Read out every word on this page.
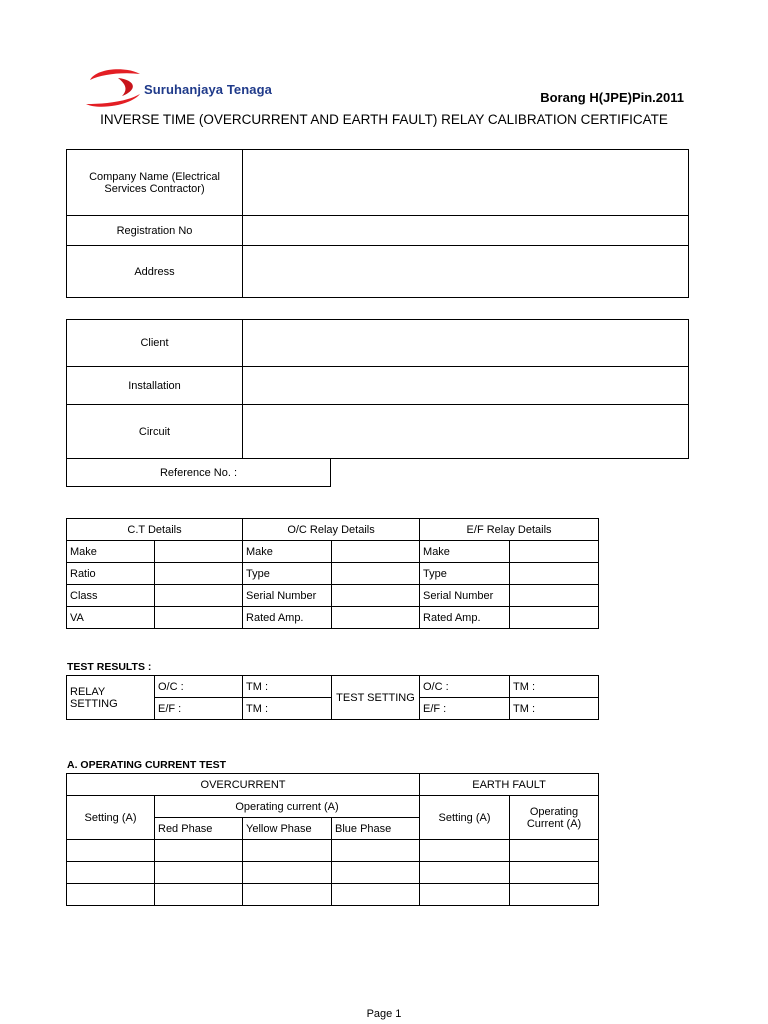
Suruhanjaya Tenaga
Borang H(JPE)Pin.2011
INVERSE TIME (OVERCURRENT AND EARTH FAULT) RELAY CALIBRATION CERTIFICATE
Company Name (Electrical Services Contractor)	
Registration No	
Address	
Client	
Installation	
Circuit	
Reference No. :
C.T Details		O/C Relay Details		E/F Relay Details	
Make		Make		Make	
Ratio		Type		Type	
Class		Serial Number		Serial Number	
VA		Rated Amp.		Rated Amp.	
TEST RESULTS :
RELAY SETTING	O/C :	TM :	TEST SETTING	O/C :	TM :
	E/F :	TM :		E/F :	TM :
A. OPERATING CURRENT TEST
OVERCURRENT				EARTH FAULT	
Setting (A)	Operating current (A)			Setting (A)	Operating Current (A)
	Red Phase	Yellow Phase	Blue Phase		

Page 1
